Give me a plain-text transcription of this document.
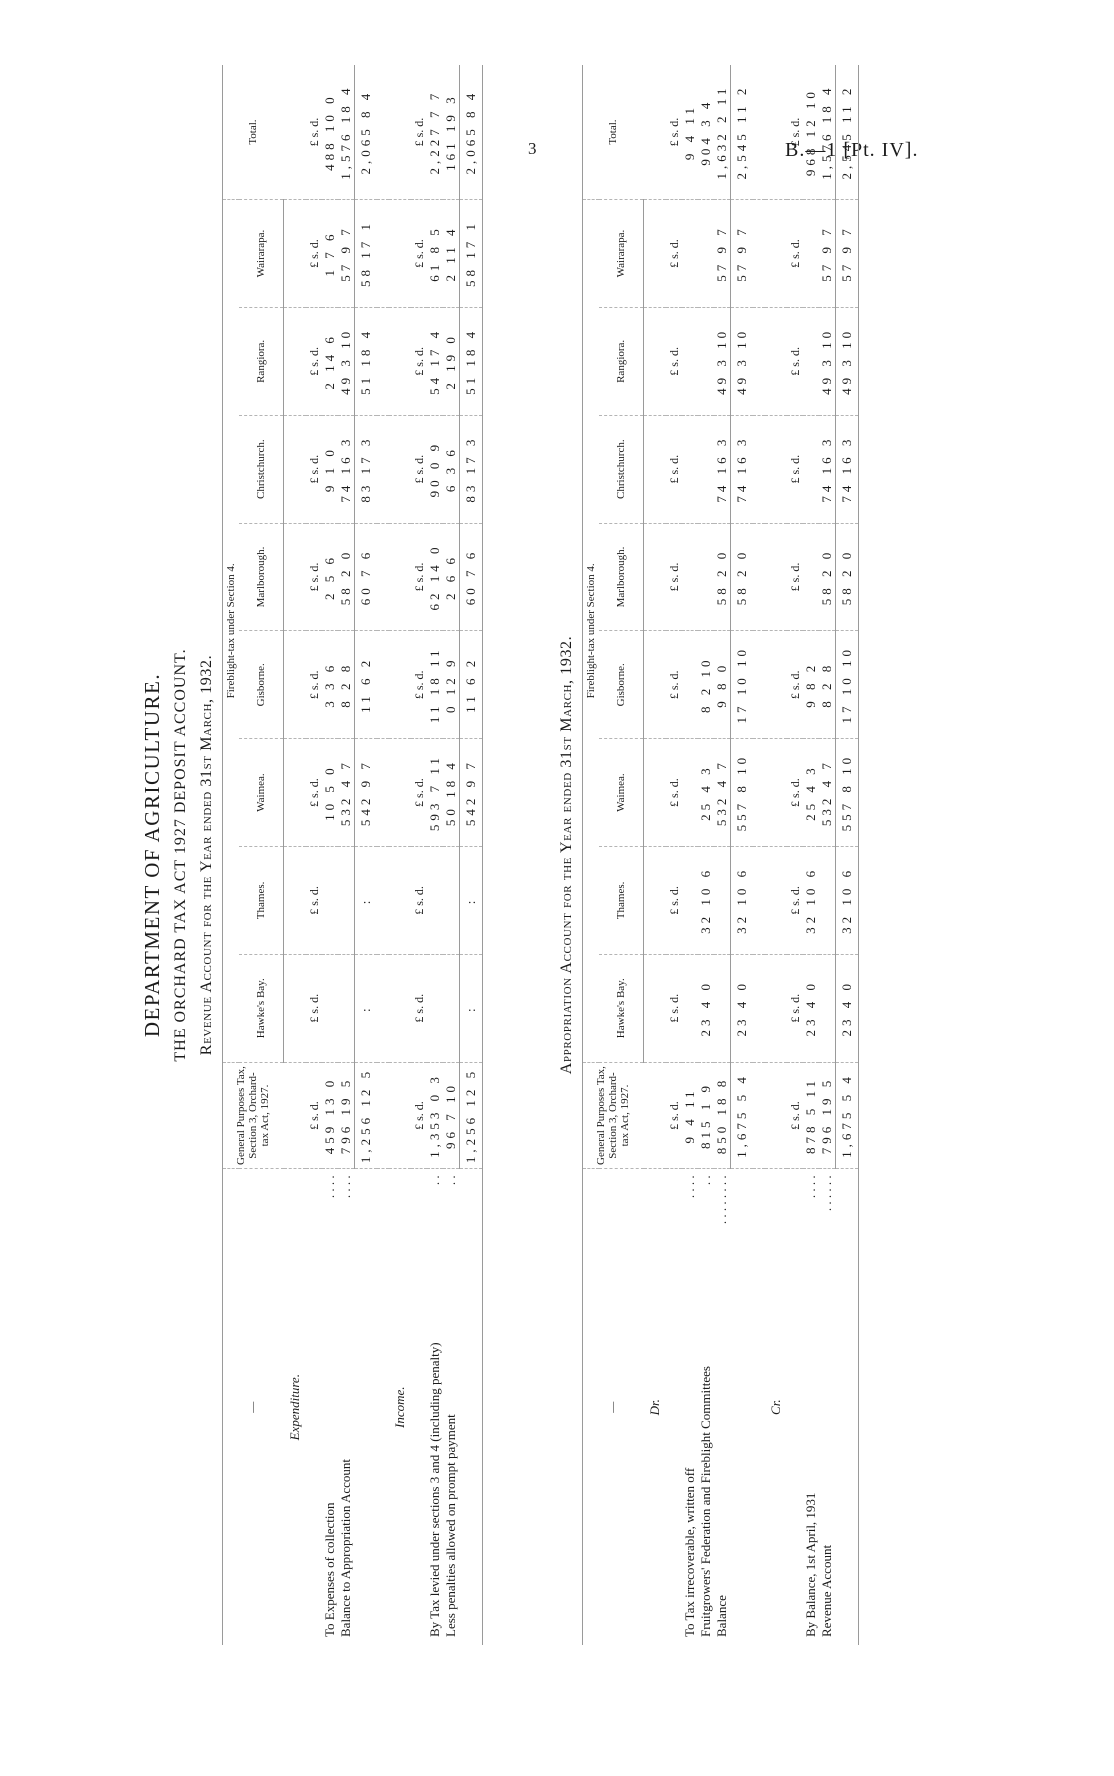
3	B.—1 [Pt. IV].
DEPARTMENT OF AGRICULTURE. THE ORCHARD TAX ACT 1927 DEPOSIT ACCOUNT. Revenue Account for the Year ended 31st March, 1932.
—		General Purposes Tax, Section 3, Orchard-tax Act, 1927.	Fireblight-tax under Section 4.								Total.
			Hawke's Bay.	Thames.	Waimea.	Gisborne.	Marlborough.	Christchurch.	Rangiora.	Wairarapa.	
Expenditure.											
		£ s. d.	£ s. d.	£ s. d.	£ s. d.	£ s. d.	£ s. d.	£ s. d.	£ s. d.	£ s. d.	£ s. d.
To Expenses of collection	. . . .	459 13 0			10 5 0	3 3 6	2 5 6	9 1 0	2 14 6	1 7 6	488 10 0
Balance to Appropriation Account	. . . .	796 19 5			532 4 7	8 2 8	58 2 0	74 16 3	49 3 10	57 9 7	1,576 18 4
		1,256 12 5	:	:	542 9 7	11 6 2	60 7 6	83 17 3	51 18 4	58 17 1	2,065 8 4

Income.											
		£ s. d.	£ s. d.	£ s. d.	£ s. d.	£ s. d.	£ s. d.	£ s. d.	£ s. d.	£ s. d.	£ s. d.
By Tax levied under sections 3 and 4 (including penalty)	. .	1,353 0 3			593 7 11	11 18 11	62 14 0	90 0 9	54 17 4	61 8 5	2,227 7 7
Less penalties allowed on prompt payment	. .	96 7 10			50 18 4	0 12 9	2 6 6	6 3 6	2 19 0	2 11 4	161 19 3
		1,256 12 5	:	:	542 9 7	11 6 2	60 7 6	83 17 3	51 18 4	58 17 1	2,065 8 4
Appropriation Account for the Year ended 31st March, 1932.
—		General Purposes Tax, Section 3, Orchard-tax Act, 1927.	Fireblight-tax under Section 4.								Total.
			Hawke's Bay.	Thames.	Waimea.	Gisborne.	Marlborough.	Christchurch.	Rangiora.	Wairarapa.	
Dr.											
		£ s. d.	£ s. d.	£ s. d.	£ s. d.	£ s. d.	£ s. d.	£ s. d.	£ s. d.	£ s. d.	£ s. d.
To Tax irrecoverable, written off	. . . .	9 4 11									9 4 11
Fruitgrowers' Federation and Fireblight Committees	. .	815 1 9	23 4 0	32 10 6	25 4 3	8 2 10					904 3 4
Balance	. . . . . . . .	850 18 8			532 4 7	9 8 0	58 2 0	74 16 3	49 3 10	57 9 7	1,632 2 11
		1,675 5 4	23 4 0	32 10 6	557 8 10	17 10 10	58 2 0	74 16 3	49 3 10	57 9 7	2,545 11 2

Cr.											
		£ s. d.	£ s. d.	£ s. d.	£ s. d.	£ s. d.	£ s. d.	£ s. d.	£ s. d.	£ s. d.	£ s. d.
By Balance, 1st April, 1931	. . . .	878 5 11	23 4 0	32 10 6	25 4 3	9 8 2					968 12 10
Revenue Account	. . . . . .	796 19 5			532 4 7	8 2 8	58 2 0	74 16 3	49 3 10	57 9 7	1,576 18 4
		1,675 5 4	23 4 0	32 10 6	557 8 10	17 10 10	58 2 0	74 16 3	49 3 10	57 9 7	2,545 11 2
